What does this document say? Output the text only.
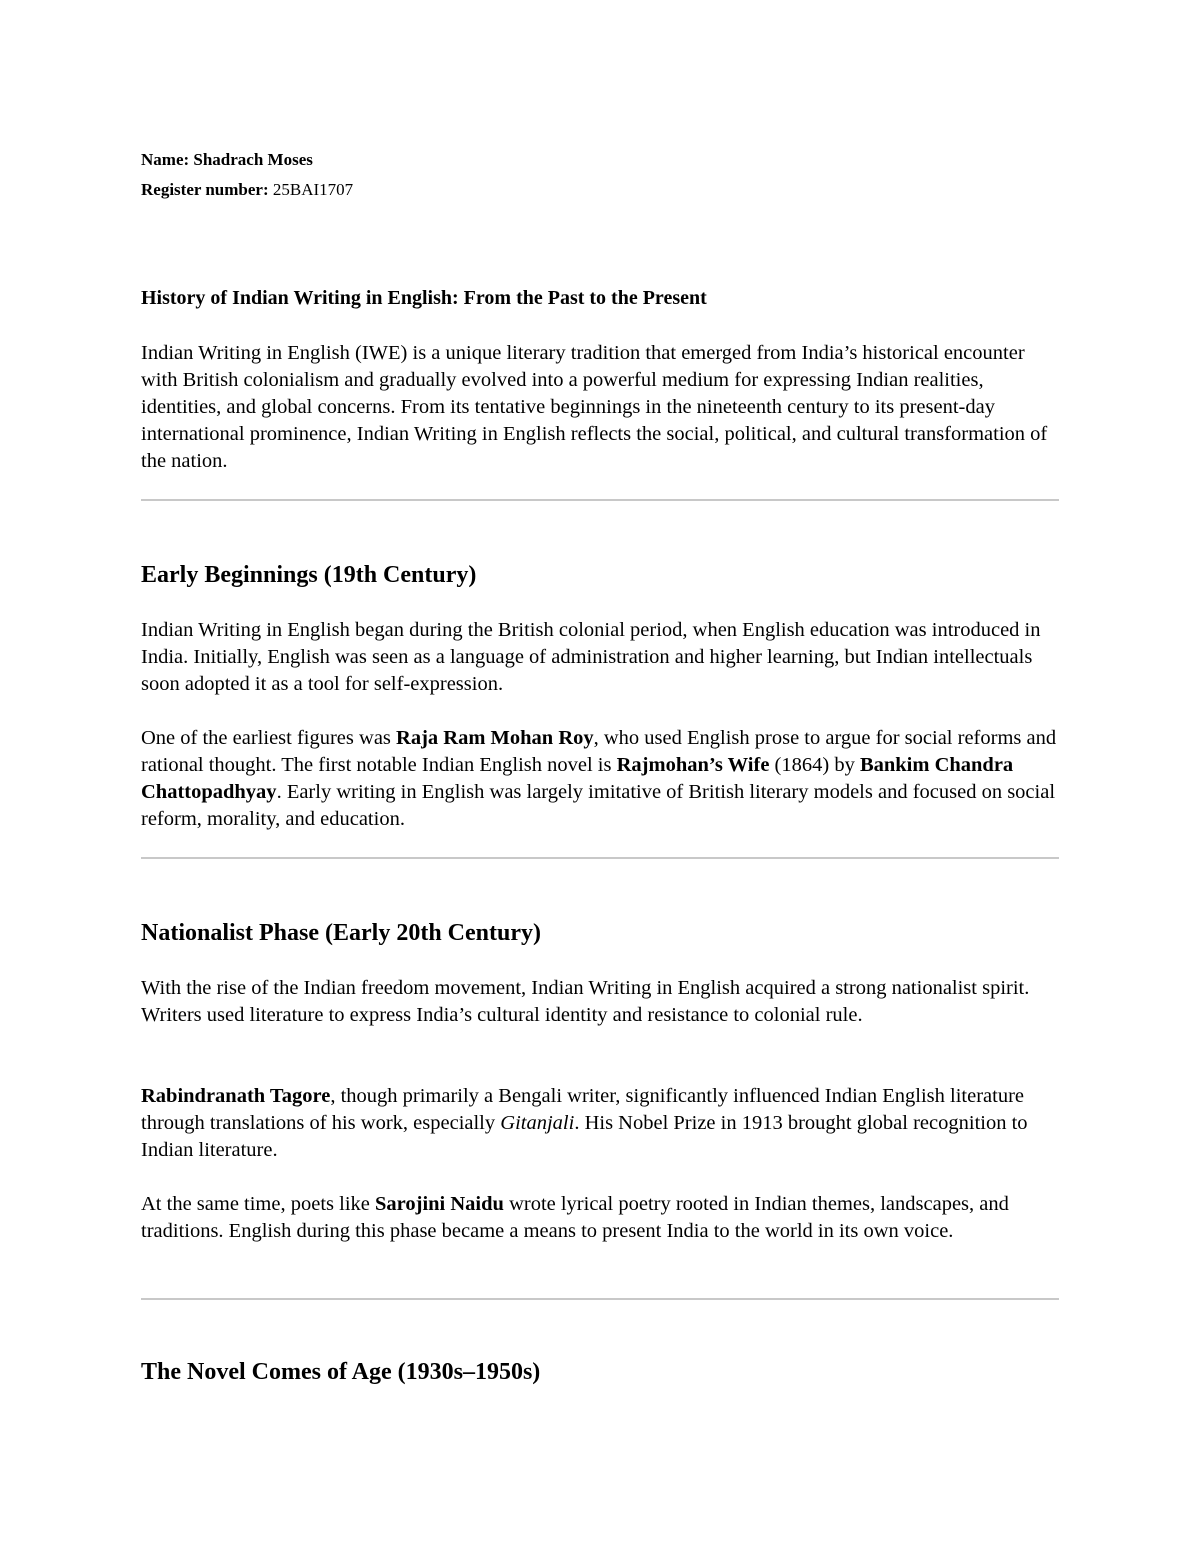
Name: Shadrach Moses
Register number: 25BAI1707
History of Indian Writing in English: From the Past to the Present

Indian Writing in English (IWE) is a unique literary tradition that emerged from India’s historical encounter with British colonialism and gradually evolved into a powerful medium for expressing Indian realities, identities, and global concerns. From its tentative beginnings in the nineteenth century to its present-day international prominence, Indian Writing in English reflects the social, political, and cultural transformation of the nation.

Early Beginnings (19th Century)

Indian Writing in English began during the British colonial period, when English education was introduced in India. Initially, English was seen as a language of administration and higher learning, but Indian intellectuals soon adopted it as a tool for self-expression.

One of the earliest figures was Raja Ram Mohan Roy, who used English prose to argue for social reforms and rational thought. The first notable Indian English novel is Rajmohan’s Wife (1864) by Bankim Chandra Chattopadhyay. Early writing in English was largely imitative of British literary models and focused on social reform, morality, and education.

Nationalist Phase (Early 20th Century)

With the rise of the Indian freedom movement, Indian Writing in English acquired a strong nationalist spirit. Writers used literature to express India’s cultural identity and resistance to colonial rule.

Rabindranath Tagore, though primarily a Bengali writer, significantly influenced Indian English literature through translations of his work, especially Gitanjali. His Nobel Prize in 1913 brought global recognition to Indian literature.

At the same time, poets like Sarojini Naidu wrote lyrical poetry rooted in Indian themes, landscapes, and traditions. English during this phase became a means to present India to the world in its own voice.

The Novel Comes of Age (1930s–1950s)
